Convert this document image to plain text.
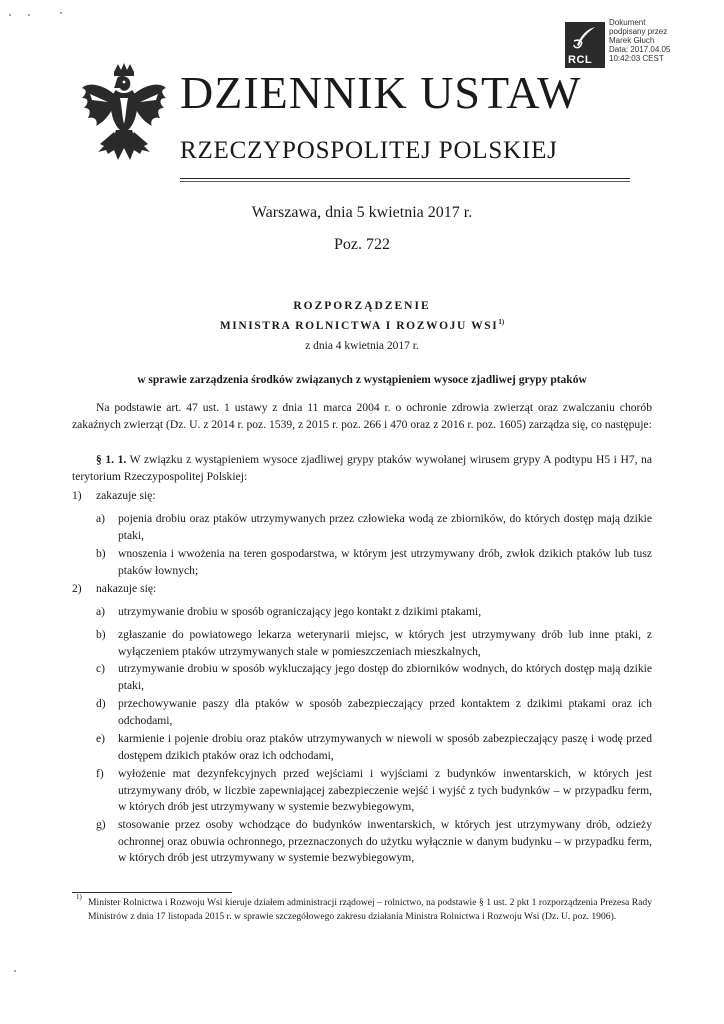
RCL
Dokument
podpisany przez
Marek Głuch
Data: 2017.04.05
10:42:03 CEST
DZIENNIK USTAW
RZECZYPOSPOLITEJ POLSKIEJ
Warszawa, dnia 5 kwietnia 2017 r.
Poz. 722
ROZPORZĄDZENIE
MINISTRA ROLNICTWA I ROZWOJU WSI$^{1)}$
z dnia 4 kwietnia 2017 r.
w sprawie zarządzenia środków związanych z wystąpieniem wysoce zjadliwej grypy ptaków
Na podstawie art. 47 ust. 1 ustawy z dnia 11 marca 2004 r. o ochronie zdrowia zwierząt oraz zwalczaniu chorób zakaźnych zwierząt (Dz. U. z 2014 r. poz. 1539, z 2015 r. poz. 266 i 470 oraz z 2016 r. poz. 1605) zarządza się, co następuje:
§ 1. 1. W związku z wystąpieniem wysoce zjadliwej grypy ptaków wywołanej wirusem grypy A podtypu H5 i H7, na terytorium Rzeczypospolitej Polskiej:
1) zakazuje się:
a) pojenia drobiu oraz ptaków utrzymywanych przez człowieka wodą ze zbiorników, do których dostęp mają dzikie ptaki,
b) wnoszenia i wwożenia na teren gospodarstwa, w którym jest utrzymywany drób, zwłok dzikich ptaków lub tusz ptaków łownych;
2) nakazuje się:
a) utrzymywanie drobiu w sposób ograniczający jego kontakt z dzikimi ptakami,
b) zgłaszanie do powiatowego lekarza weterynarii miejsc, w których jest utrzymywany drób lub inne ptaki, z wyłączeniem ptaków utrzymywanych stale w pomieszczeniach mieszkalnych,
c) utrzymywanie drobiu w sposób wykluczający jego dostęp do zbiorników wodnych, do których dostęp mają dzikie ptaki,
d) przechowywanie paszy dla ptaków w sposób zabezpieczający przed kontaktem z dzikimi ptakami oraz ich odchodami,
e) karmienie i pojenie drobiu oraz ptaków utrzymywanych w niewoli w sposób zabezpieczający paszę i wodę przed dostępem dzikich ptaków oraz ich odchodami,
f) wyłożenie mat dezynfekcyjnych przed wejściami i wyjściami z budynków inwentarskich, w których jest utrzymywany drób, w liczbie zapewniającej zabezpieczenie wejść i wyjść z tych budynków – w przypadku ferm, w których drób jest utrzymywany w systemie bezwybiegowym,
g) stosowanie przez osoby wchodzące do budynków inwentarskich, w których jest utrzymywany drób, odzieży ochronnej oraz obuwia ochronnego, przeznaczonych do użytku wyłącznie w danym budynku – w przypadku ferm, w których drób jest utrzymywany w systemie bezwybiegowym,
1) Minister Rolnictwa i Rozwoju Wsi kieruje działem administracji rządowej – rolnictwo, na podstawie § 1 ust. 2 pkt 1 rozporządzenia Prezesa Rady Ministrów z dnia 17 listopada 2015 r. w sprawie szczegółowego zakresu działania Ministra Rolnictwa i Rozwoju Wsi (Dz. U. poz. 1906).
